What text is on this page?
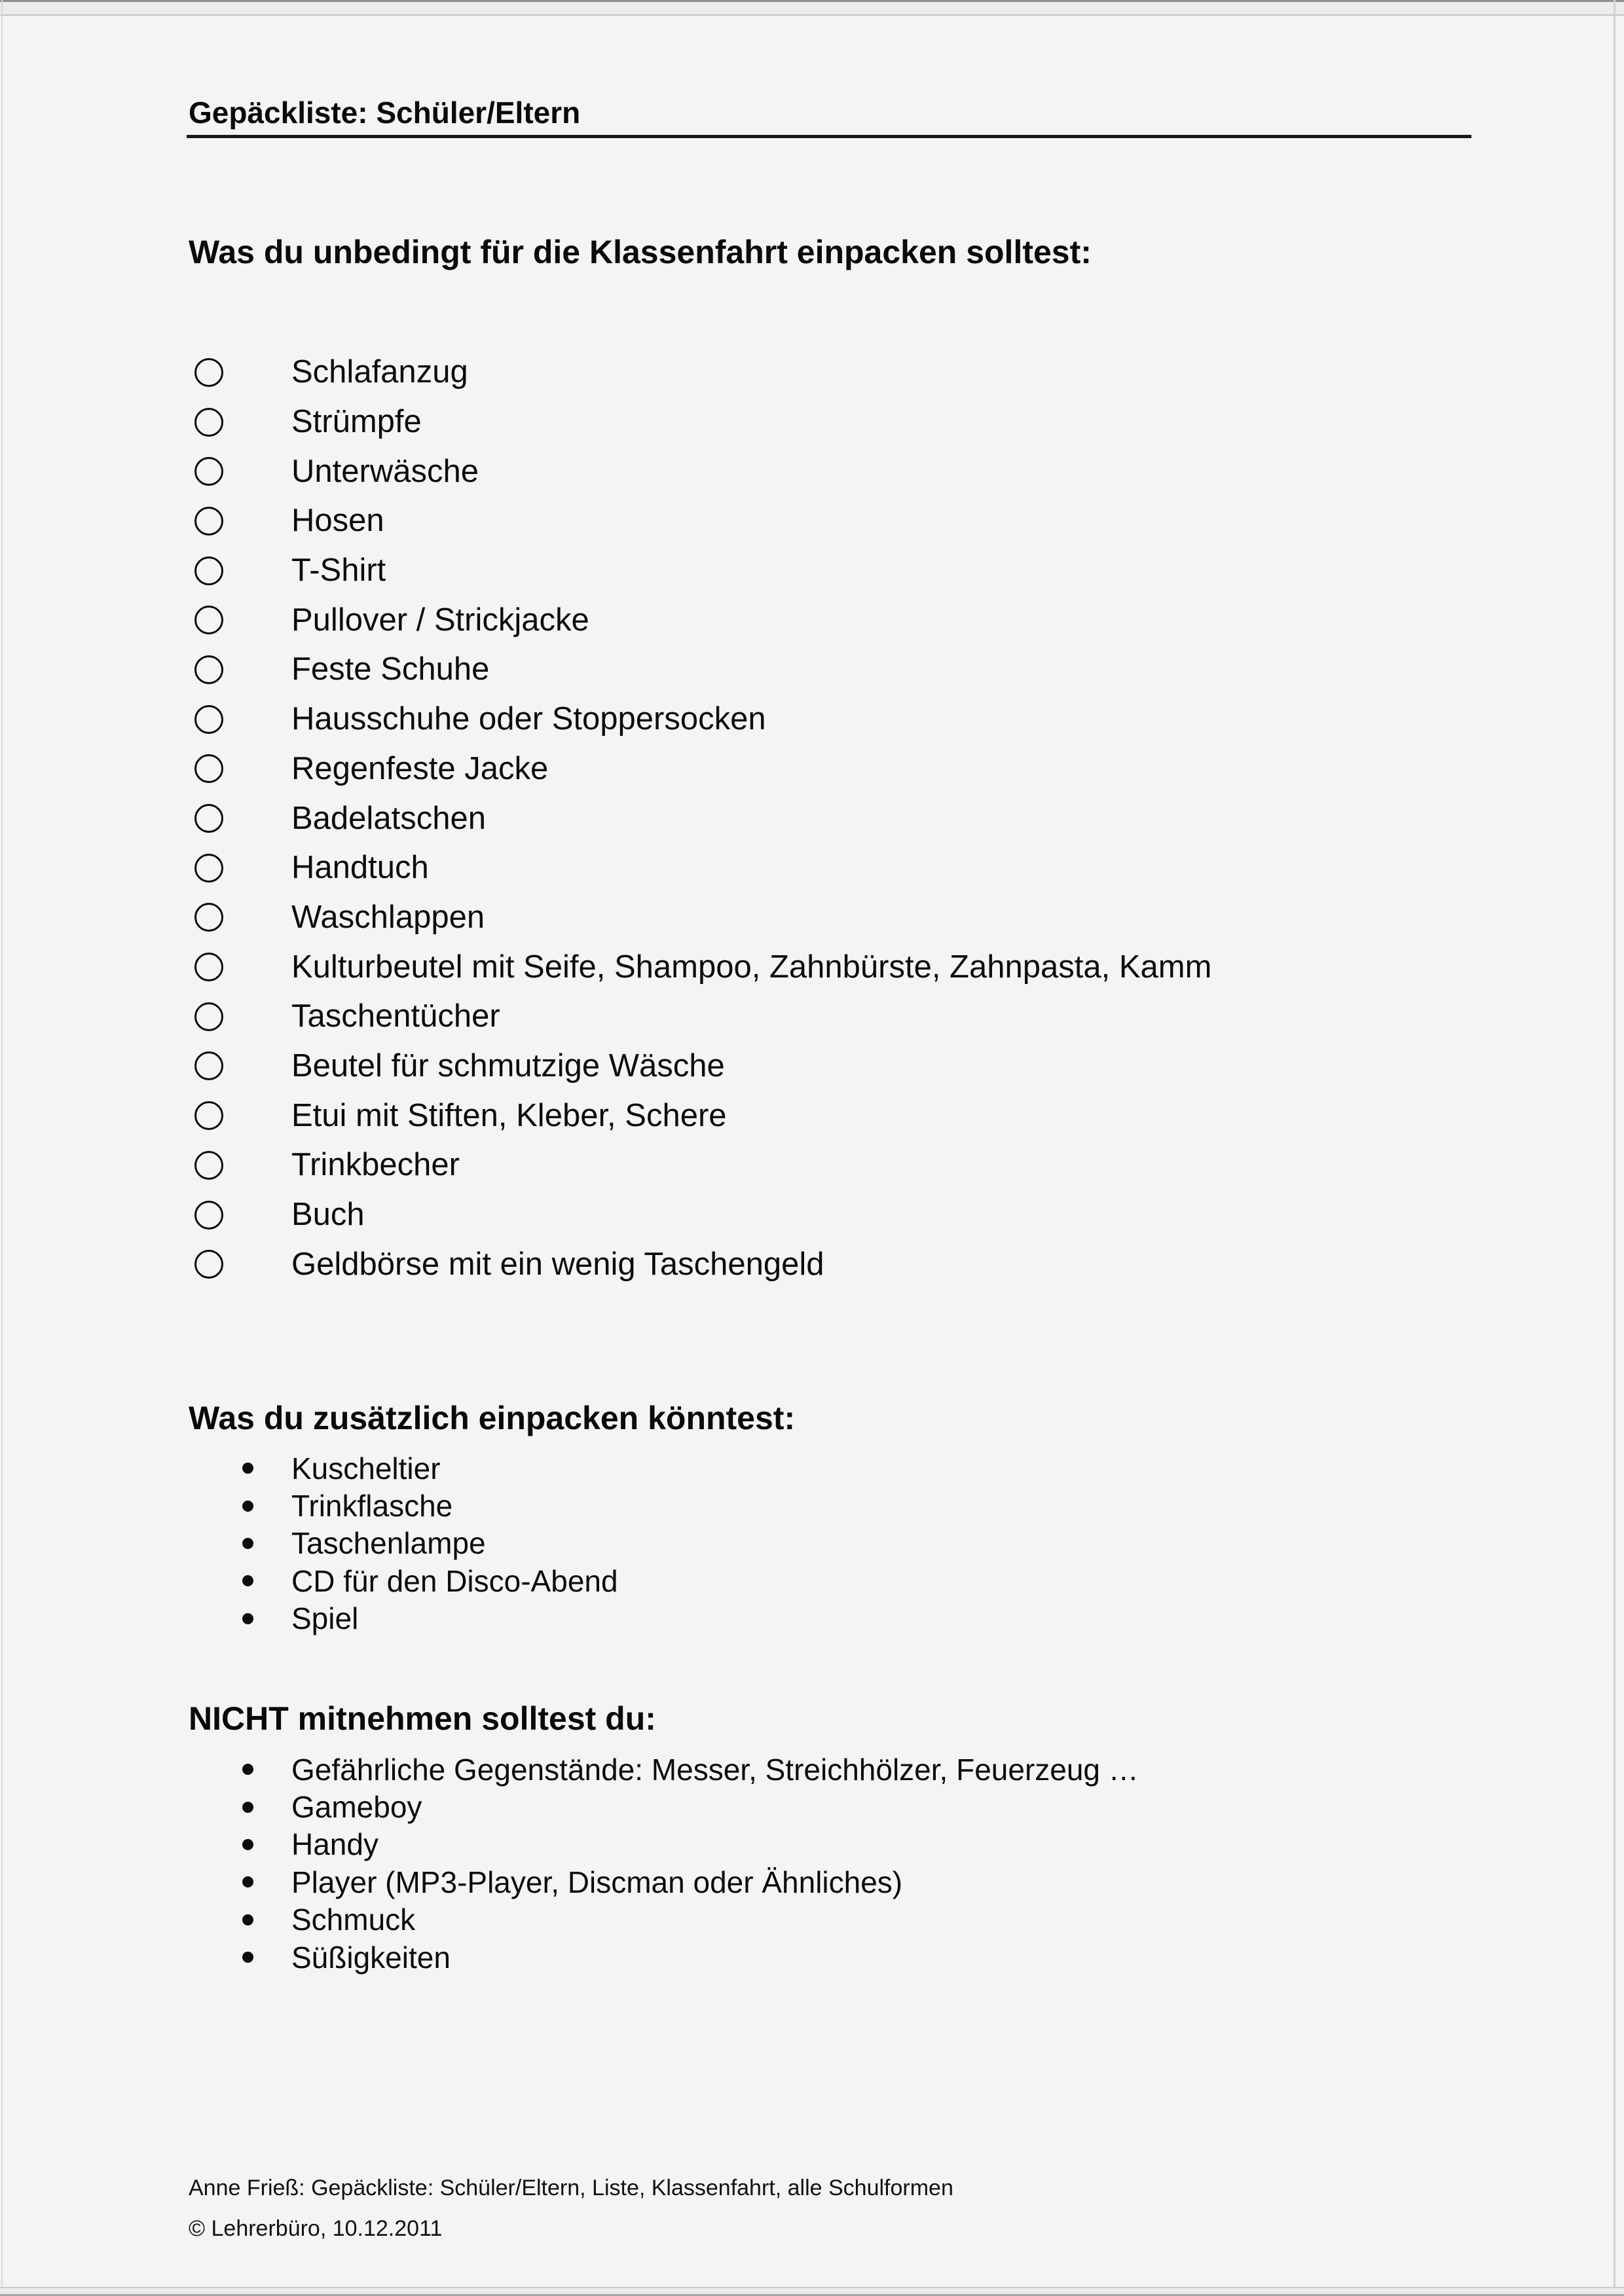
Gepäckliste: Schüler/Eltern
Was du unbedingt für die Klassenfahrt einpacken solltest:
Schlafanzug
Strümpfe
Unterwäsche
Hosen
T-Shirt
Pullover / Strickjacke
Feste Schuhe
Hausschuhe oder Stoppersocken
Regenfeste Jacke
Badelatschen
Handtuch
Waschlappen
Kulturbeutel mit Seife, Shampoo, Zahnbürste, Zahnpasta, Kamm
Taschentücher
Beutel für schmutzige Wäsche
Etui mit Stiften, Kleber, Schere
Trinkbecher
Buch
Geldbörse mit ein wenig Taschengeld
Was du zusätzlich einpacken könntest:
Kuscheltier
Trinkflasche
Taschenlampe
CD für den Disco-Abend
Spiel
NICHT mitnehmen solltest du:
Gefährliche Gegenstände: Messer, Streichhölzer, Feuerzeug …
Gameboy
Handy
Player (MP3-Player, Discman oder Ähnliches)
Schmuck
Süßigkeiten
Anne Frieß: Gepäckliste: Schüler/Eltern, Liste, Klassenfahrt, alle Schulformen
© Lehrerbüro, 10.12.2011
